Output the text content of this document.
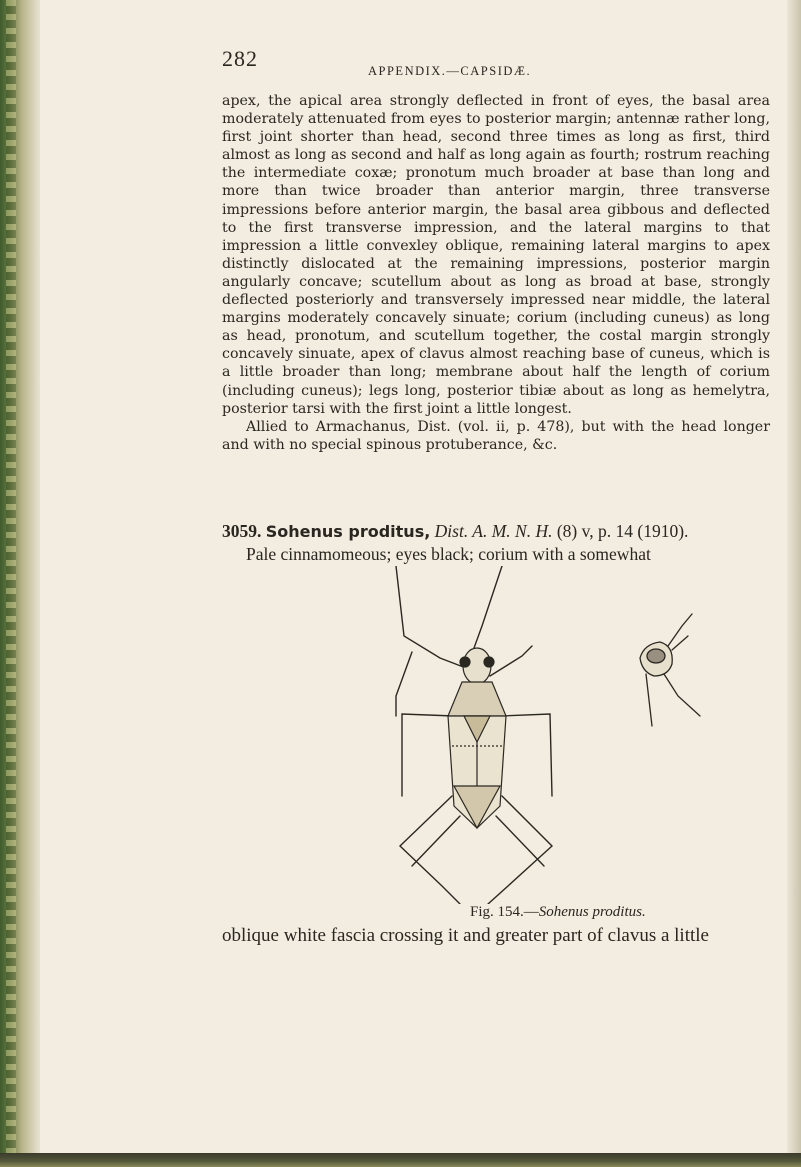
282	APPENDIX.—CAPSIDÆ.

apex, the apical area strongly deflected in front of eyes, the basal area moderately attenuated from eyes to posterior margin; antennæ rather long, first joint shorter than head, second three times as long as first, third almost as long as second and half as long again as fourth; rostrum reaching the intermediate coxæ; pronotum much broader at base than long and more than twice broader than anterior margin, three transverse impressions before anterior margin, the basal area gibbous and deflected to the first transverse impression, and the lateral margins to that impression a little convexley oblique, remaining lateral margins to apex distinctly dislocated at the remaining impressions, posterior margin angularly concave; scutellum about as long as broad at base, strongly deflected posteriorly and transversely impressed near middle, the lateral margins moderately concavely sinuate; corium (including cuneus) as long as head, pronotum, and scutellum together, the costal margin strongly concavely sinuate, apex of clavus almost reaching base of cuneus, which is a little broader than long; membrane about half the length of corium (including cuneus); legs long, posterior tibiæ about as long as hemelytra, posterior tarsi with the first joint a little longest.

Allied to Armachanus, Dist. (vol. ii, p. 478), but with the head longer and with no special spinous protuberance, &c.

3059. Sohenus proditus, Dist. A. M. N. H. (8) v, p. 14 (1910).
Pale cinnamomeous; eyes black; corium with a somewhat
Fig. 154.—Sohenus proditus.
oblique white fascia crossing it and greater part of clavus a little
